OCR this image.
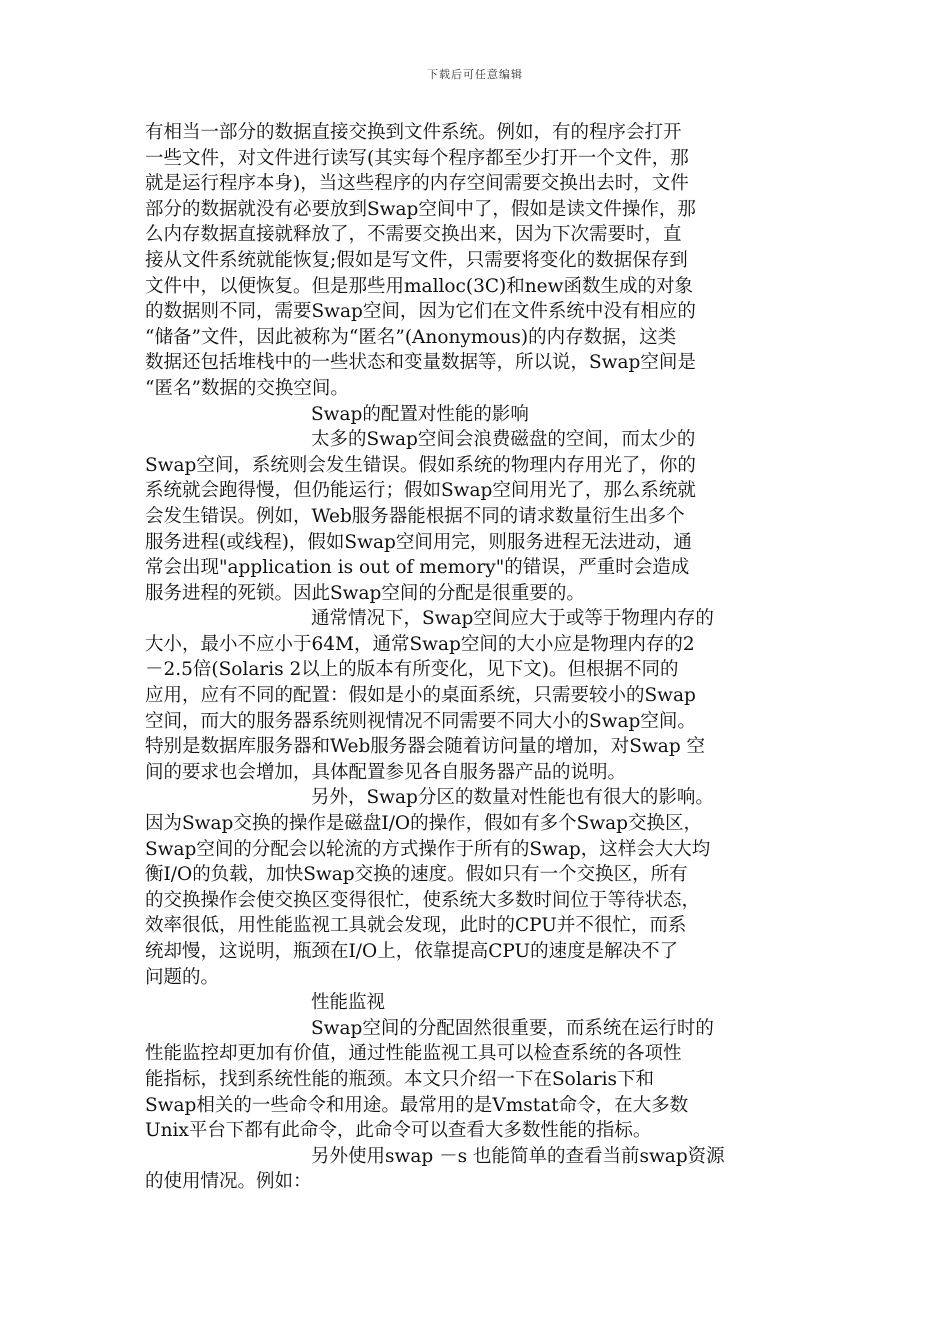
下载后可任意编辑
有相当一部分的数据直接交换到文件系统。例如，有的程序会打开
一些文件，对文件进行读写(其实每个程序都至少打开一个文件，那
就是运行程序本身)，当这些程序的内存空间需要交换出去时，文件
部分的数据就没有必要放到Swap空间中了，假如是读文件操作，那
么内存数据直接就释放了，不需要交换出来，因为下次需要时，直
接从文件系统就能恢复;假如是写文件，只需要将变化的数据保存到
文件中，以便恢复。但是那些用malloc(3C)和new函数生成的对象
的数据则不同，需要Swap空间，因为它们在文件系统中没有相应的
“储备”文件，因此被称为“匿名”(Anonymous)的内存数据，这类
数据还包括堆栈中的一些状态和变量数据等，所以说，Swap空间是
“匿名”数据的交换空间。
Swap的配置对性能的影响
太多的Swap空间会浪费磁盘的空间，而太少的
Swap空间，系统则会发生错误。假如系统的物理内存用光了，你的
系统就会跑得慢，但仍能运行；假如Swap空间用光了，那么系统就
会发生错误。例如，Web服务器能根据不同的请求数量衍生出多个
服务进程(或线程)，假如Swap空间用完，则服务进程无法进动，通
常会出现"application is out of memory"的错误，严重时会造成
服务进程的死锁。因此Swap空间的分配是很重要的。
通常情况下，Swap空间应大于或等于物理内存的
大小，最小不应小于64M，通常Swap空间的大小应是物理内存的2
－2.5倍(Solaris 2以上的版本有所变化，见下文)。但根据不同的
应用，应有不同的配置：假如是小的桌面系统，只需要较小的Swap
空间，而大的服务器系统则视情况不同需要不同大小的Swap空间。
特别是数据库服务器和Web服务器会随着访问量的增加，对Swap 空
间的要求也会增加，具体配置参见各自服务器产品的说明。
另外，Swap分区的数量对性能也有很大的影响。
因为Swap交换的操作是磁盘I/O的操作，假如有多个Swap交换区，
Swap空间的分配会以轮流的方式操作于所有的Swap，这样会大大均
衡I/O的负载，加快Swap交换的速度。假如只有一个交换区，所有
的交换操作会使交换区变得很忙，使系统大多数时间位于等待状态，
效率很低，用性能监视工具就会发现，此时的CPU并不很忙，而系
统却慢，这说明，瓶颈在I/O上，依靠提高CPU的速度是解决不了
问题的。
性能监视
Swap空间的分配固然很重要，而系统在运行时的
性能监控却更加有价值，通过性能监视工具可以检查系统的各项性
能指标，找到系统性能的瓶颈。本文只介绍一下在Solaris下和
Swap相关的一些命令和用途。最常用的是Vmstat命令，在大多数
Unix平台下都有此命令，此命令可以查看大多数性能的指标。
另外使用swap －s 也能简单的查看当前swap资源
的使用情况。例如：
